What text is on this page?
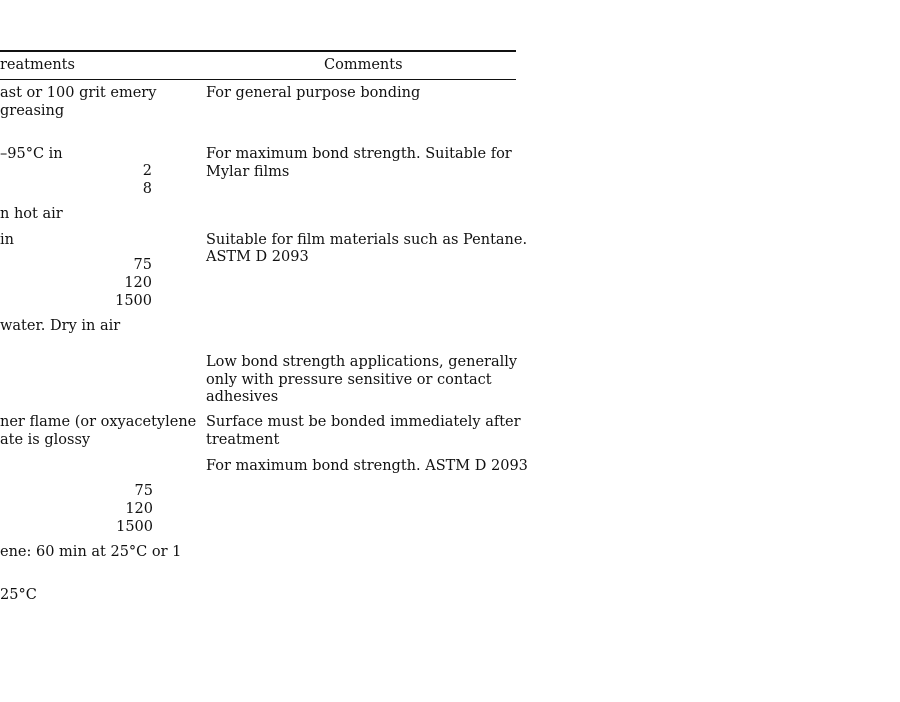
reatments	Comments
ast or 100 grit emery
greasing
–95°C in
2
8
n hot air
in
75
120
1500
water. Dry in air
ner flame (or oxyacetylene
ate is glossy
75
120
1500
ene: 60 min at 25°C or 1
25°C
For general purpose bonding
For maximum bond strength. Suitable for
Mylar films
Suitable for film materials such as Pentane.
ASTM D 2093
Low bond strength applications, generally
only with pressure sensitive or contact
adhesives
Surface must be bonded immediately after
treatment
For maximum bond strength. ASTM D 2093
